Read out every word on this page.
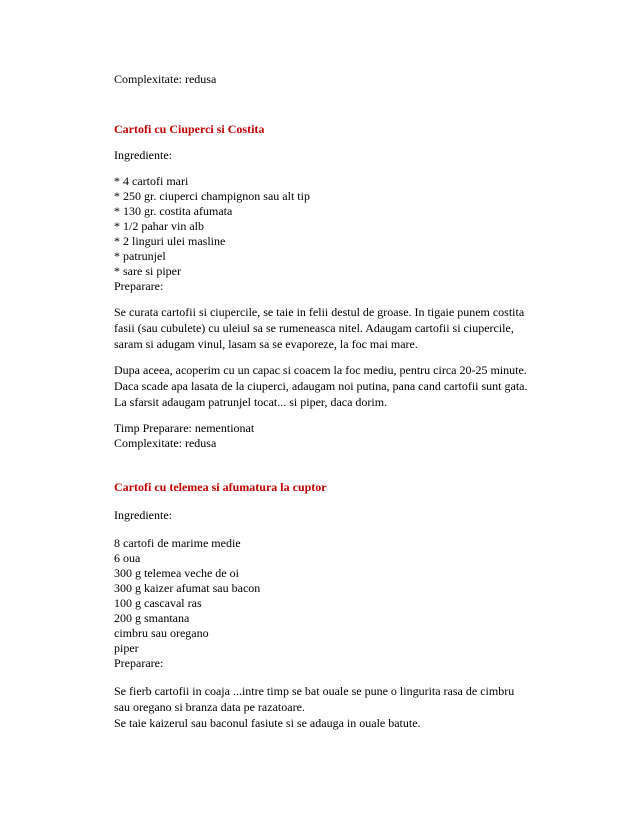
Complexitate: redusa
Cartofi cu Ciuperci si Costita
Ingrediente:
* 4 cartofi mari
* 250 gr. ciuperci champignon sau alt tip
* 130 gr. costita afumata
* 1/2 pahar vin alb
* 2 linguri ulei masline
* patrunjel
* sare si piper
Preparare:
Se curata cartofii si ciupercile, se taie in felii destul de groase. In tigaie punem costita
fasii (sau cubulete) cu uleiul sa se rumeneasca nitel. Adaugam cartofii si ciupercile,
saram si adugam vinul, lasam sa se evaporeze, la foc mai mare.
Dupa aceea, acoperim cu un capac si coacem la foc mediu, pentru circa 20-25 minute.
Daca scade apa lasata de la ciuperci, adaugam noi putina, pana cand cartofii sunt gata.
La sfarsit adaugam patrunjel tocat... si piper, daca dorim.
Timp Preparare: nementionat
Complexitate: redusa
Cartofi cu telemea si afumatura la cuptor
Ingrediente:
8 cartofi de marime medie
6 oua
300 g telemea veche de oi
300 g kaizer afumat sau bacon
100 g cascaval ras
200 g smantana
cimbru sau oregano
piper
Preparare:
Se fierb cartofii in coaja ...intre timp se bat ouale se pune o lingurita rasa de cimbru
sau oregano si branza data pe razatoare.
Se taie kaizerul sau baconul fasiute si se adauga in ouale batute.
